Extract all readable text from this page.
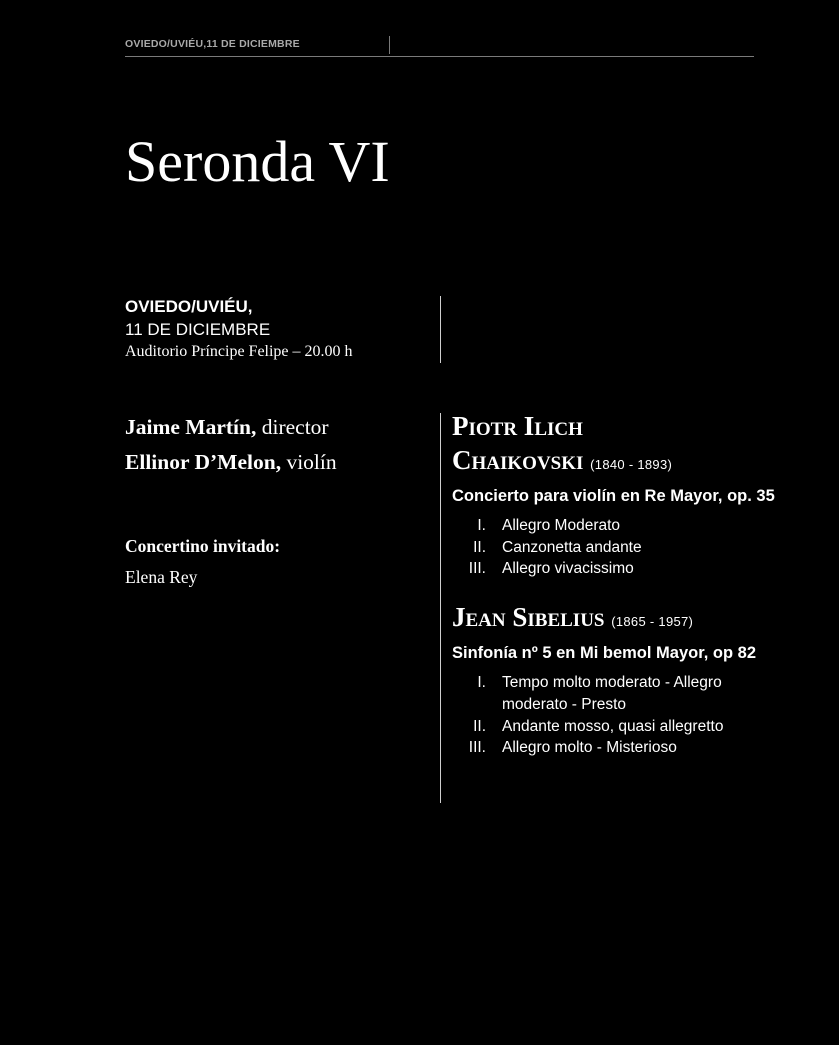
OVIEDO/UVIÉU,11 DE DICIEMBRE
Seronda VI
OVIEDO/UVIÉU,
11 DE DICIEMBRE
Auditorio Príncipe Felipe – 20.00 h
Jaime Martín, director
Ellinor D’Melon, violín
Concertino invitado:
Elena Rey
Piotr Ilich
Chaikovski (1840 - 1893)
Concierto para violín en Re Mayor, op. 35
I. Allegro Moderato
II. Canzonetta andante
III. Allegro vivacissimo
Jean Sibelius (1865 - 1957)
Sinfonía nº 5 en Mi bemol Mayor, op 82
I. Tempo molto moderato - Allegro moderato - Presto
II. Andante mosso, quasi allegretto
III. Allegro molto - Misterioso
